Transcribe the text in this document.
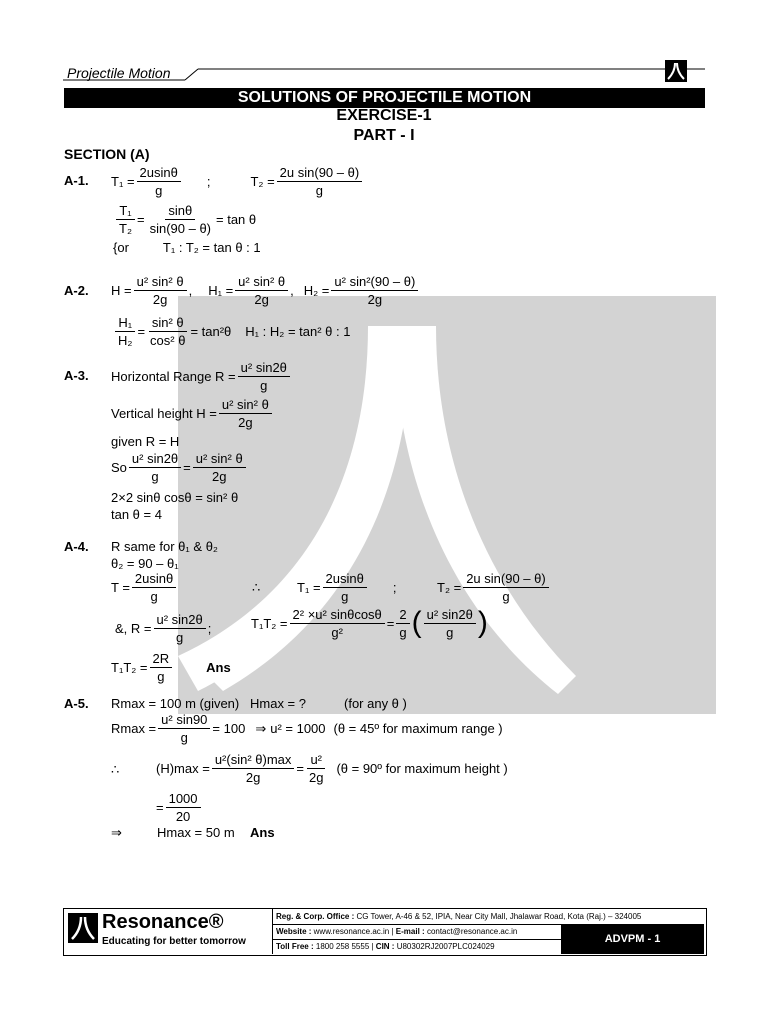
Projectile Motion
SOLUTIONS OF PROJECTILE MOTION
EXERCISE-1
PART - I
SECTION (A)
A-1. $T_1 = \frac{2usin\theta}{g}$ ;	$T_2 = \frac{\text{2u sin(90 – θ)}}{g}$
$\frac{\text{T₁}}{\text{T₂}} = \frac{\sin\theta}{\sin(90 - \theta)} = \tan \theta$
{or	T₁ : T₂ = tan θ : 1
A-2. $H = \frac{\text{u² sin² θ}}{2g}$ , $H_1 = \frac{\text{u² sin² θ}}{2g}$ , $H_2 = \frac{\text{u² sin²(90 – θ)}}{2g}$
$\frac{\text{H₁}}{\text{H₂}} = \frac{\text{sin² θ}}{\text{cos² θ}} = \tan^2\theta$ H₁ : H₂ = tan² θ : 1
A-3. Horizontal Range $R = \frac{\text{u² sin2θ}}{g}$
Vertical height $H = \frac{\text{u² sin² θ}}{2g}$
given R = H
So $\frac{\text{u² sin2θ}}{g} = \frac{\text{u² sin² θ}}{2g}$
2×2 sinθ cosθ = sin² θ
tan θ = 4
A-4. R same for θ₁ & θ₂
θ₂ = 90 – θ₁
$T = \frac{2usin\theta}{g}$	∴	$T_1 = \frac{2usin\theta}{g}$ ;	$T_2 = \frac{\text{2u sin(90 – θ)}}{g}$
&, $R = \frac{\text{u² sin2θ}}{g}$ ;	$T_1T_2 = \frac{\text{2² ×u² sinθcosθ}}{\text{g²}} = \frac{2}{g}$ ( $\frac{\text{u² sin2θ}}{g}$ )
$T_1T_2 = \frac{2R}{g}$	Ans
A-5. Rmax = 100 m (given) Hmax = ?	(for any θ )
$Rmax = \frac{\text{u² sin90}}{g} = 100$ ⇒ u² = 1000 (θ = 45º for maximum range )
∴	$(H)\max = \frac{\text{u²(sin² θ)max}}{2g} = \frac{\text{u²}}{2g} (\theta$ = 90º for maximum height )
= $\frac{1000}{20}$
⇒	Hmax = 50 m Ans
Resonance®
Educating for better tomorrow
Reg. & Corp. Office : CG Tower, A-46 & 52, IPIA, Near City Mall, Jhalawar Road, Kota (Raj.) – 324005
Website : www.resonance.ac.in | E-mail : contact@resonance.ac.in
Toll Free : 1800 258 5555 | CIN : U80302RJ2007PLC024029
ADVPM - 1
